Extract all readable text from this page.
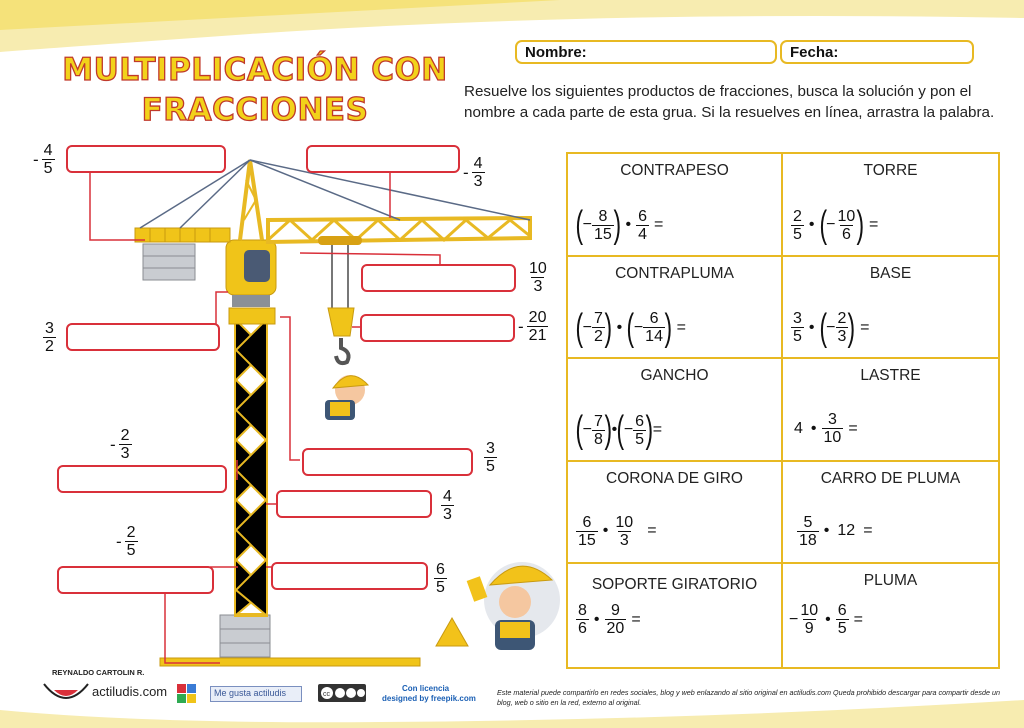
MULTIPLICACIÓN CON
FRACCIONES
Nombre:	Fecha:
Resuelve los siguientes productos de fracciones, busca la solución y pon el nombre a cada parte de esta grua. Si la resuelves en línea, arrastra la palabra.
- 4
5	- 4
3
10
3
3
2
- 20
21
- 2
3	3
5
4
3
- 2
5
6
5
CONTRAPESO
( − $\frac{8}{15}$ ) • $\frac{6}{4}$ =
TORRE
2
5
• ( − $\frac{10}{6}$ ) =
CONTRAPLUMA
( − $\frac{7}{2}$ ) • ( − $\frac{6}{14}$ ) =
BASE
3
5
• ( − $\frac{2}{3}$ ) =
GANCHO
( − $\frac{7}{8}$ ) • ( − $\frac{6}{5}$ ) =
LASTRE
4 • $\frac{3}{10}$ =
CORONA DE GIRO
6
15
• $\frac{10}{3}$ =
CARRO DE PLUMA
5
18
• 12 =
SOPORTE GIRATORIO
8
6
• $\frac{9}{20}$ =
PLUMA
− $\frac{10}{9}$ • $\frac{6}{5}$ =
REYNALDO CARTOLIN R.
actiludis.com	Me gusta actiludis	cc
Con licencia
designed by freepik.com
Este material puede compartirlo en redes sociales, blog y web enlazando al sitio original en actiludis.com Queda prohibido descargar para compartir desde un blog, web o sitio en la red, externo al original.
